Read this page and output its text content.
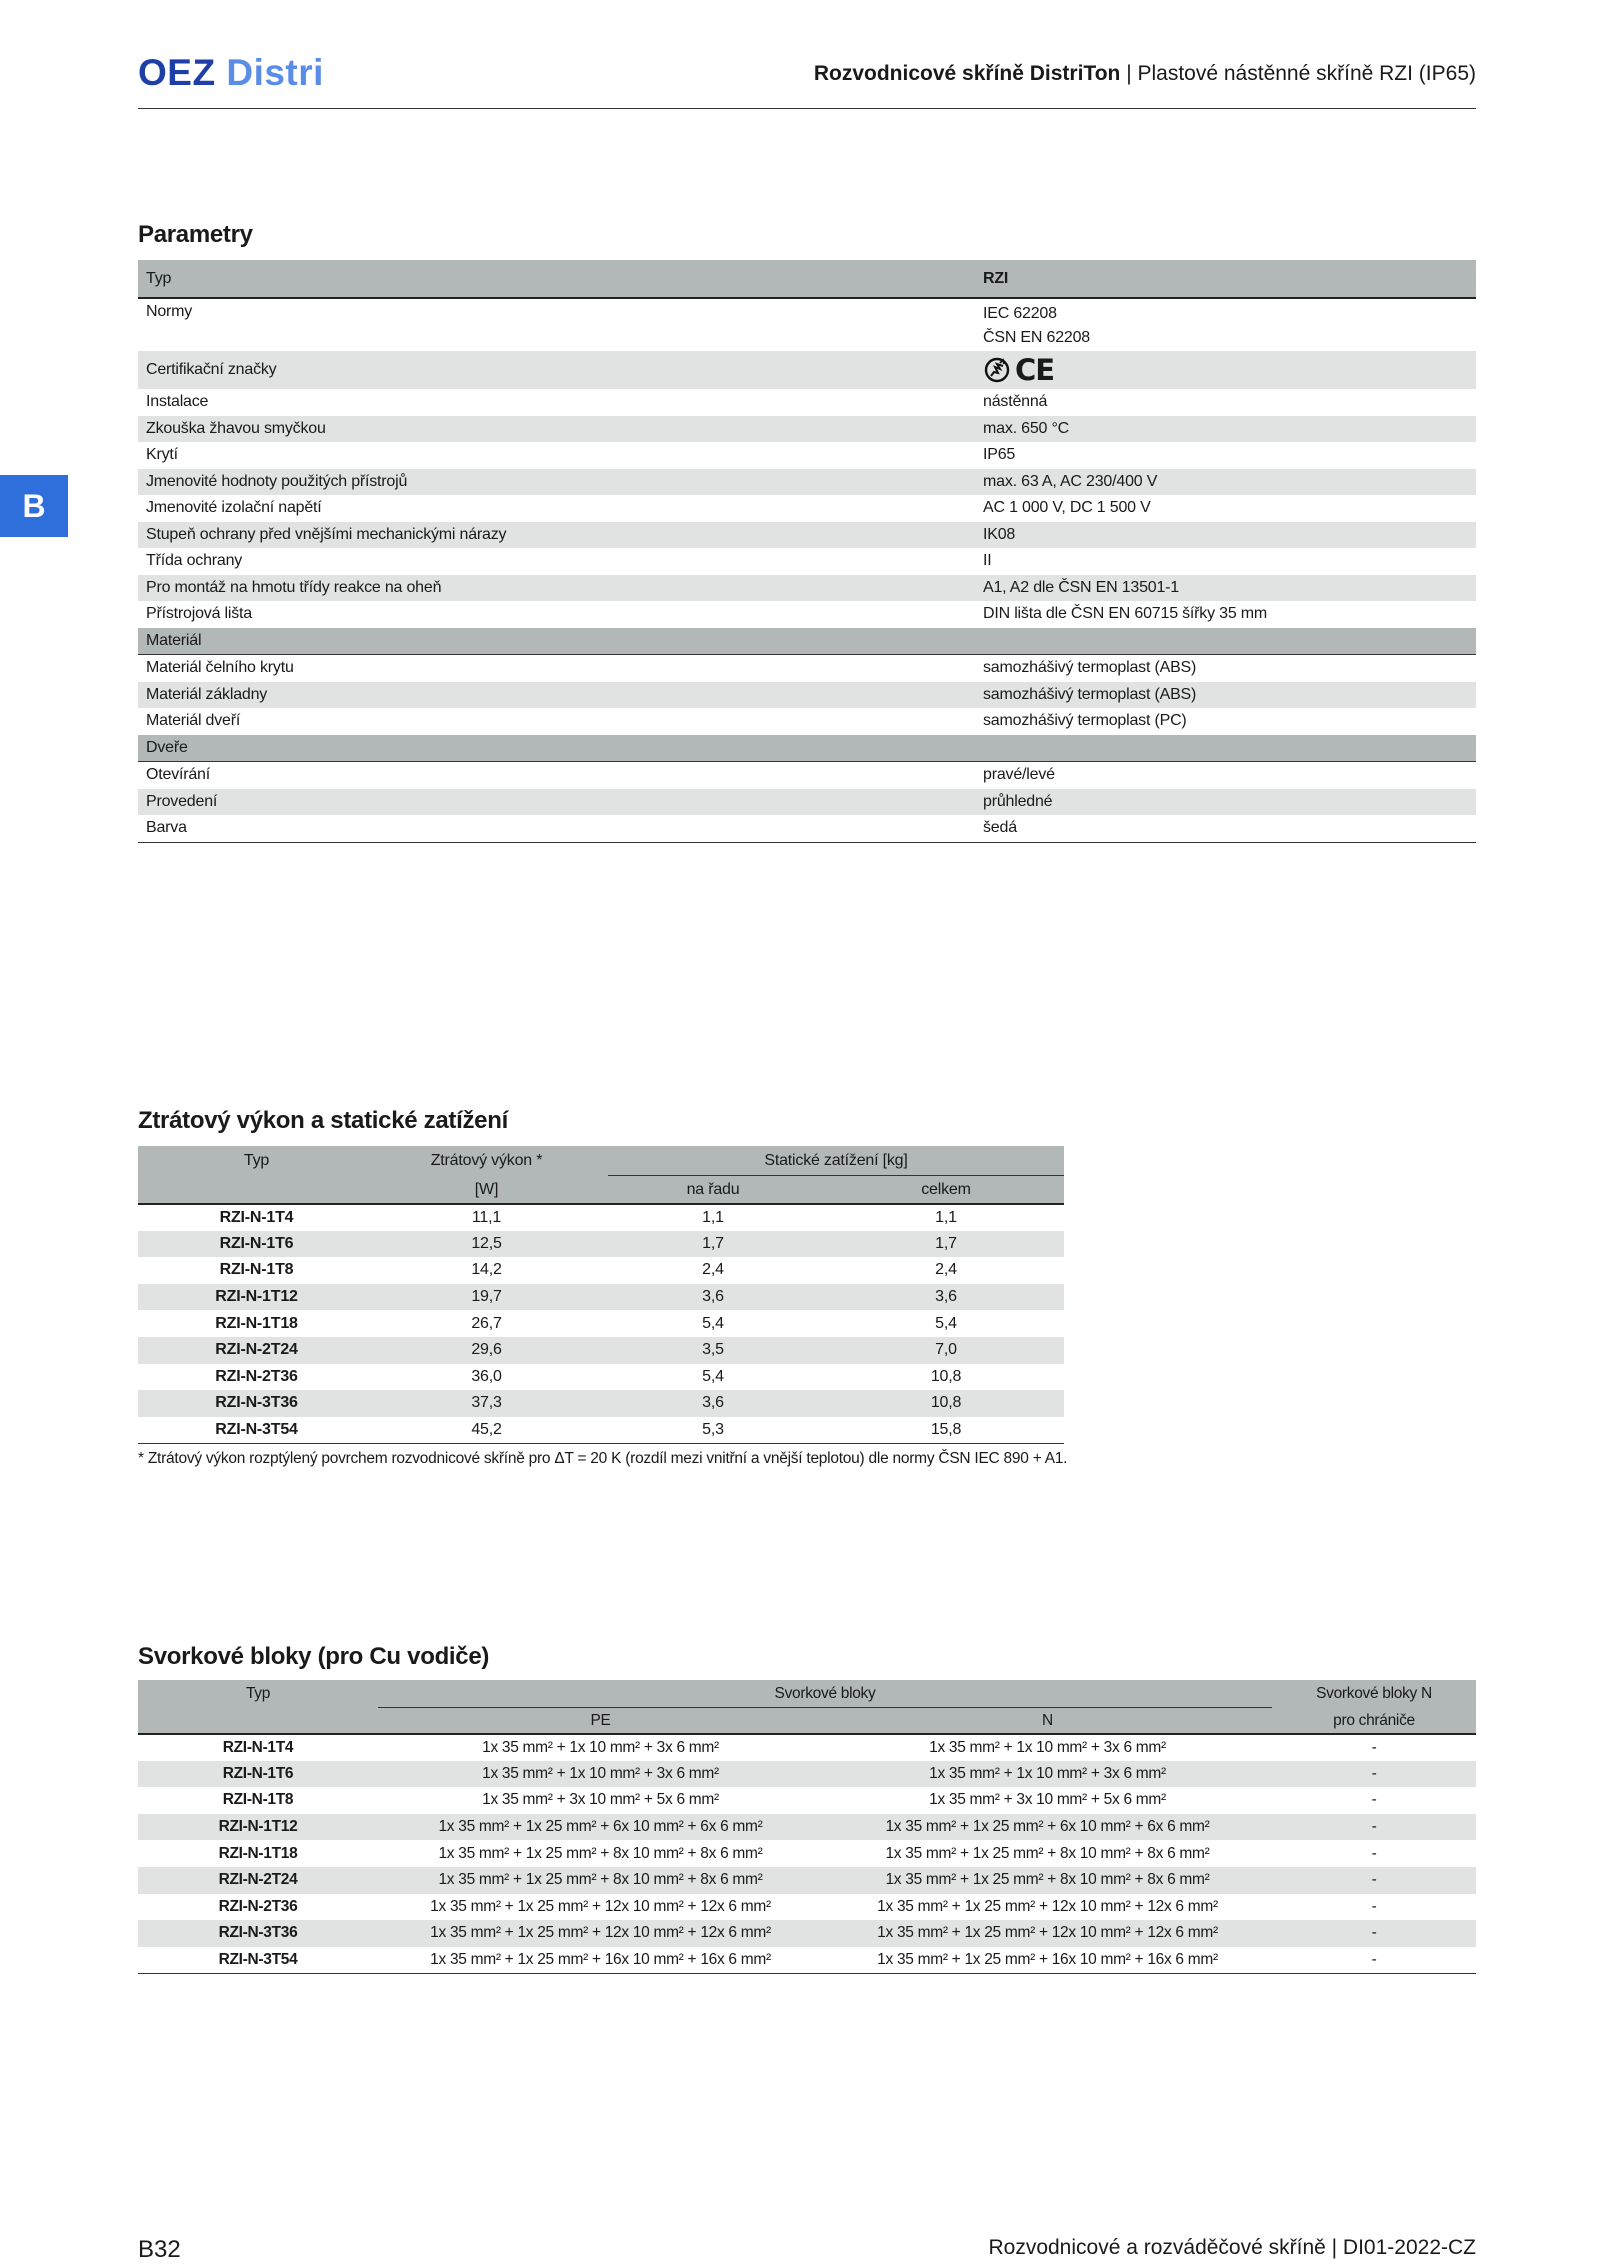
OEZ Distri	Rozvodnicové skříně DistriTon | Plastové nástěnné skříně RZI (IP65)
B
Parametry
Typ	RZI
Normy	IEC 62208
ČSN EN 62208
Certifikační značky	CE
Instalace	nástěnná
Zkouška žhavou smyčkou	max. 650 °C
Krytí	IP65
Jmenovité hodnoty použitých přístrojů	max. 63 A, AC 230/400 V
Jmenovité izolační napětí	AC 1 000 V, DC 1 500 V
Stupeň ochrany před vnějšími mechanickými nárazy	IK08
Třída ochrany	II
Pro montáž na hmotu třídy reakce na oheň	A1, A2 dle ČSN EN 13501-1
Přístrojová lišta	DIN lišta dle ČSN EN 60715 šířky 35 mm
Materiál
Materiál čelního krytu	samozhášivý termoplast (ABS)
Materiál základny	samozhášivý termoplast (ABS)
Materiál dveří	samozhášivý termoplast (PC)
Dveře
Otevírání	pravé/levé
Provedení	průhledné
Barva	šedá
Ztrátový výkon a statické zatížení
Typ	Ztrátový výkon *	Statické zatížení [kg]	

	[W]	na řadu	celkem
RZI-N-1T4	11,1	1,1	1,1
RZI-N-1T6	12,5	1,7	1,7
RZI-N-1T8	14,2	2,4	2,4
RZI-N-1T12	19,7	3,6	3,6
RZI-N-1T18	26,7	5,4	5,4
RZI-N-2T24	29,6	3,5	7,0
RZI-N-2T36	36,0	5,4	10,8
RZI-N-3T36	37,3	3,6	10,8
RZI-N-3T54	45,2	5,3	15,8
* Ztrátový výkon rozptýlený povrchem rozvodnicové skříně pro ΔT = 20 K (rozdíl mezi vnitřní a vnější teplotou) dle normy ČSN IEC 890 + A1.
Svorkové bloky (pro Cu vodiče)
Typ	Svorkové bloky		Svorkové bloky N
	PE	N	pro chrániče
RZI-N-1T4	1x 35 mm² + 1x 10 mm² + 3x 6 mm²	1x 35 mm² + 1x 10 mm² + 3x 6 mm²	-
RZI-N-1T6	1x 35 mm² + 1x 10 mm² + 3x 6 mm²	1x 35 mm² + 1x 10 mm² + 3x 6 mm²	-
RZI-N-1T8	1x 35 mm² + 3x 10 mm² + 5x 6 mm²	1x 35 mm² + 3x 10 mm² + 5x 6 mm²	-
RZI-N-1T12	1x 35 mm² + 1x 25 mm² + 6x 10 mm² + 6x 6 mm²	1x 35 mm² + 1x 25 mm² + 6x 10 mm² + 6x 6 mm²	-
RZI-N-1T18	1x 35 mm² + 1x 25 mm² + 8x 10 mm² + 8x 6 mm²	1x 35 mm² + 1x 25 mm² + 8x 10 mm² + 8x 6 mm²	-
RZI-N-2T24	1x 35 mm² + 1x 25 mm² + 8x 10 mm² + 8x 6 mm²	1x 35 mm² + 1x 25 mm² + 8x 10 mm² + 8x 6 mm²	-
RZI-N-2T36	1x 35 mm² + 1x 25 mm² + 12x 10 mm² + 12x 6 mm²	1x 35 mm² + 1x 25 mm² + 12x 10 mm² + 12x 6 mm²	-
RZI-N-3T36	1x 35 mm² + 1x 25 mm² + 12x 10 mm² + 12x 6 mm²	1x 35 mm² + 1x 25 mm² + 12x 10 mm² + 12x 6 mm²	-
RZI-N-3T54	1x 35 mm² + 1x 25 mm² + 16x 10 mm² + 16x 6 mm²	1x 35 mm² + 1x 25 mm² + 16x 10 mm² + 16x 6 mm²	-
B32	Rozvodnicové a rozváděčové skříně | DI01-2022-CZ
